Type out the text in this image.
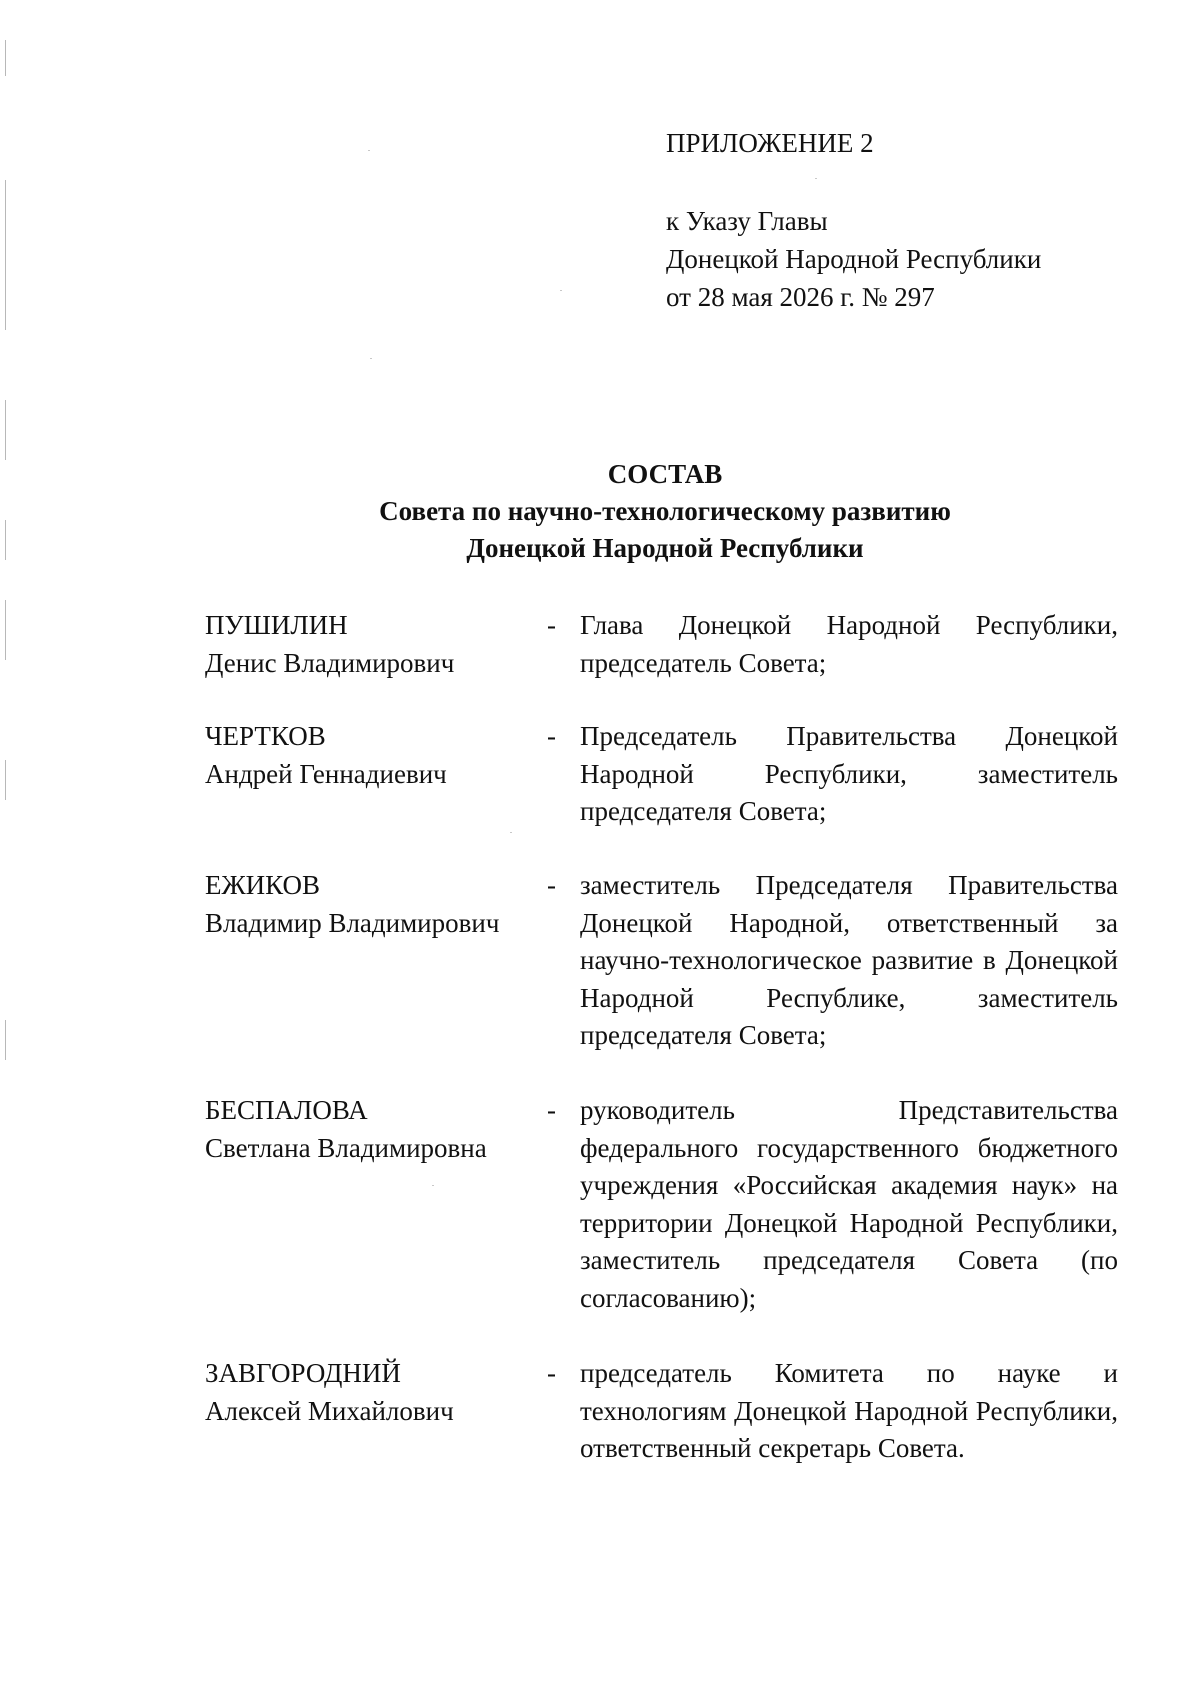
ПРИЛОЖЕНИЕ 2
к Указу Главы
Донецкой Народной Республики
от 28 мая 2026 г. № 297
СОСТАВ
Совета по научно-технологическому развитию
Донецкой Народной Республики
ПУШИЛИН
Денис Владимирович
- Глава Донецкой Народной Республики, председатель Совета;
ЧЕРТКОВ
Андрей Геннадиевич
- Председатель Правительства Донецкой Народной Республики, заместитель председателя Совета;
ЕЖИКОВ
Владимир Владимирович
- заместитель Председателя Правительства Донецкой Народной, ответственный за научно-технологическое развитие в Донецкой Народной Республике, заместитель председателя Совета;
БЕСПАЛОВА
Светлана Владимировна
- руководитель Представительства федерального государственного бюджетного учреждения «Российская академия наук» на территории Донецкой Народной Республики, заместитель председателя Совета (по согласованию);
ЗАВГОРОДНИЙ
Алексей Михайлович
- председатель Комитета по науке и технологиям Донецкой Народной Республики, ответственный секретарь Совета.
